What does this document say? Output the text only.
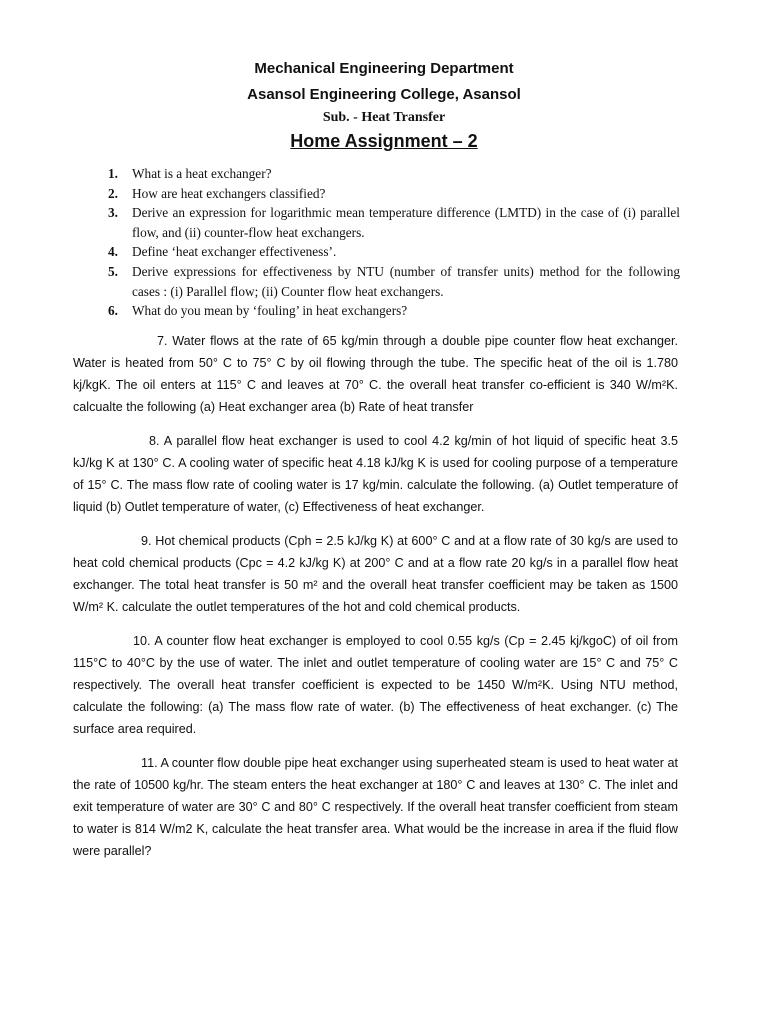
Mechanical Engineering Department
Asansol Engineering College, Asansol
Sub. - Heat Transfer
Home Assignment – 2
1.	What is a heat exchanger?
2.	How are heat exchangers classified?
3.	Derive an expression for logarithmic mean temperature difference (LMTD) in the case of (i) parallel flow, and (ii) counter-flow heat exchangers.
4.	Define ‘heat exchanger effectiveness’.
5.	Derive expressions for effectiveness by NTU (number of transfer units) method for the following cases : (i) Parallel flow; (ii) Counter flow heat exchangers.
6.	What do you mean by ‘fouling’ in heat exchangers?

7. Water flows at the rate of 65 kg/min through a double pipe counter flow heat exchanger. Water is heated from 50° C to 75° C by oil flowing through the tube. The specific heat of the oil is 1.780 kj/kgK. The oil enters at 115° C and leaves at 70° C. the overall heat transfer co-efficient is 340 W/m²K. calcualte the following (a) Heat exchanger area (b) Rate of heat transfer

8. A parallel flow heat exchanger is used to cool 4.2 kg/min of hot liquid of specific heat 3.5 kJ/kg K at 130° C. A cooling water of specific heat 4.18 kJ/kg K is used for cooling purpose of a temperature of 15° C. The mass flow rate of cooling water is 17 kg/min. calculate the following. (a) Outlet temperature of liquid (b) Outlet temperature of water, (c) Effectiveness of heat exchanger.

9. Hot chemical products (Cph = 2.5 kJ/kg K) at 600° C and at a flow rate of 30 kg/s are used to heat cold chemical products (Cpc = 4.2 kJ/kg K) at 200° C and at a flow rate 20 kg/s in a parallel flow heat exchanger. The total heat transfer is 50 m² and the overall heat transfer coefficient may be taken as 1500 W/m² K. calculate the outlet temperatures of the hot and cold chemical products.

10. A counter flow heat exchanger is employed to cool 0.55 kg/s (Cp = 2.45 kj/kgoC) of oil from 115°C to 40°C by the use of water. The inlet and outlet temperature of cooling water are 15° C and 75° C respectively. The overall heat transfer coefficient is expected to be 1450 W/m²K. Using NTU method, calculate the following: (a) The mass flow rate of water. (b) The effectiveness of heat exchanger. (c) The surface area required.

11. A counter flow double pipe heat exchanger using superheated steam is used to heat water at the rate of 10500 kg/hr. The steam enters the heat exchanger at 180° C and leaves at 130° C. The inlet and exit temperature of water are 30° C and 80° C respectively. If the overall heat transfer coefficient from steam to water is 814 W/m2 K, calculate the heat transfer area. What would be the increase in area if the fluid flow were parallel?
